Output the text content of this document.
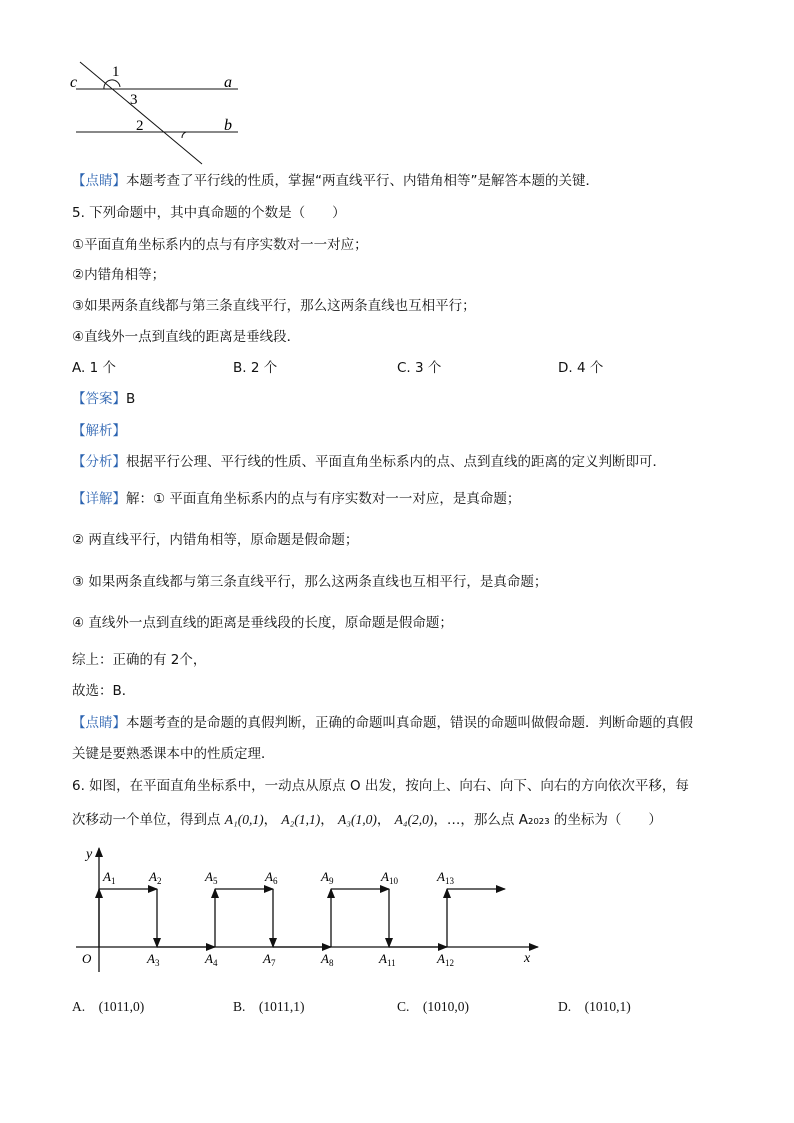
c
1
3
2
a
b
【点睛】本题考查了平行线的性质，掌握“两直线平行、内错角相等”是解答本题的关键．
5. 下列命题中，其中真命题的个数是（　　）
①平面直角坐标系内的点与有序实数对一一对应；
②内错角相等；
③如果两条直线都与第三条直线平行，那么这两条直线也互相平行；
④直线外一点到直线的距离是垂线段．
A. 1 个	B. 2 个	C. 3 个	D. 4 个
【答案】B
【解析】
【分析】根据平行公理、平行线的性质、平面直角坐标系内的点、点到直线的距离的定义判断即可．
【详解】解：① 平面直角坐标系内的点与有序实数对一一对应，是真命题；
② 两直线平行，内错角相等，原命题是假命题；
③ 如果两条直线都与第三条直线平行，那么这两条直线也互相平行，是真命题；
④ 直线外一点到直线的距离是垂线段的长度，原命题是假命题；
综上：正确的有 2个，
故选：B．
【点睛】本题考查的是命题的真假判断，正确的命题叫真命题，错误的命题叫做假命题．判断命题的真假
关键是要熟悉课本中的性质定理．
6. 如图，在平面直角坐标系中，一动点从原点 O 出发，按向上、向右、向下、向右的方向依次平移，每
次移动一个单位，得到点 A₁(0,1)， A₂(1,1)， A₃(1,0)， A₄(2,0)，…，那么点 A₂₀₂₃ 的坐标为（　　）
y
x
O
$A_1$	$A_2$
$A_3$	$A_4$
$A_5$	$A_6$
$A_7$	$A_8$
$A_9$	$A_{10}$
$A_{11}$	$A_{12}$
$A_{13}$
A.　(1011,0)	B.　(1011,1)	C.　(1010,0)	D.　(1010,1)
